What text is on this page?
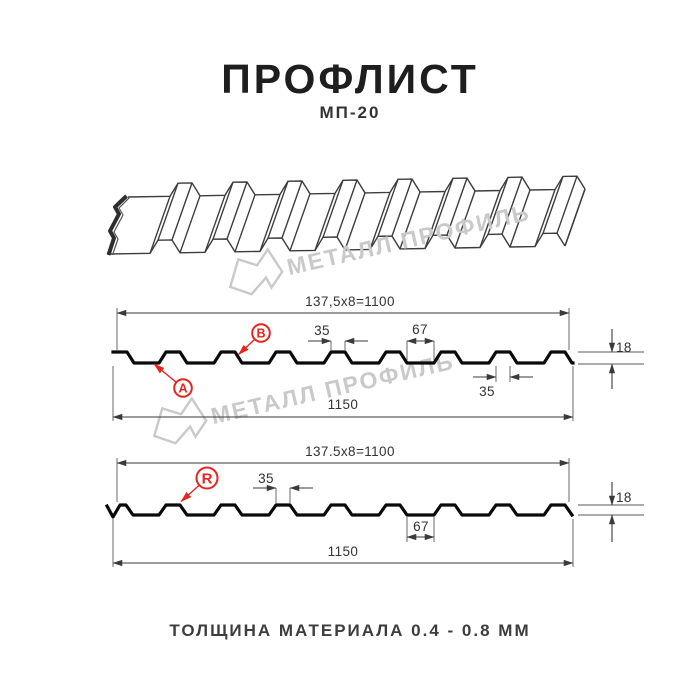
ПРОФЛИСТ
МП-20
137,5x8=1100
35	67
35
18
1150
A
B
137.5x8=1100
35
67
18
1150
R
ТОЛЩИНА МАТЕРИАЛА 0.4 - 0.8 ММ
